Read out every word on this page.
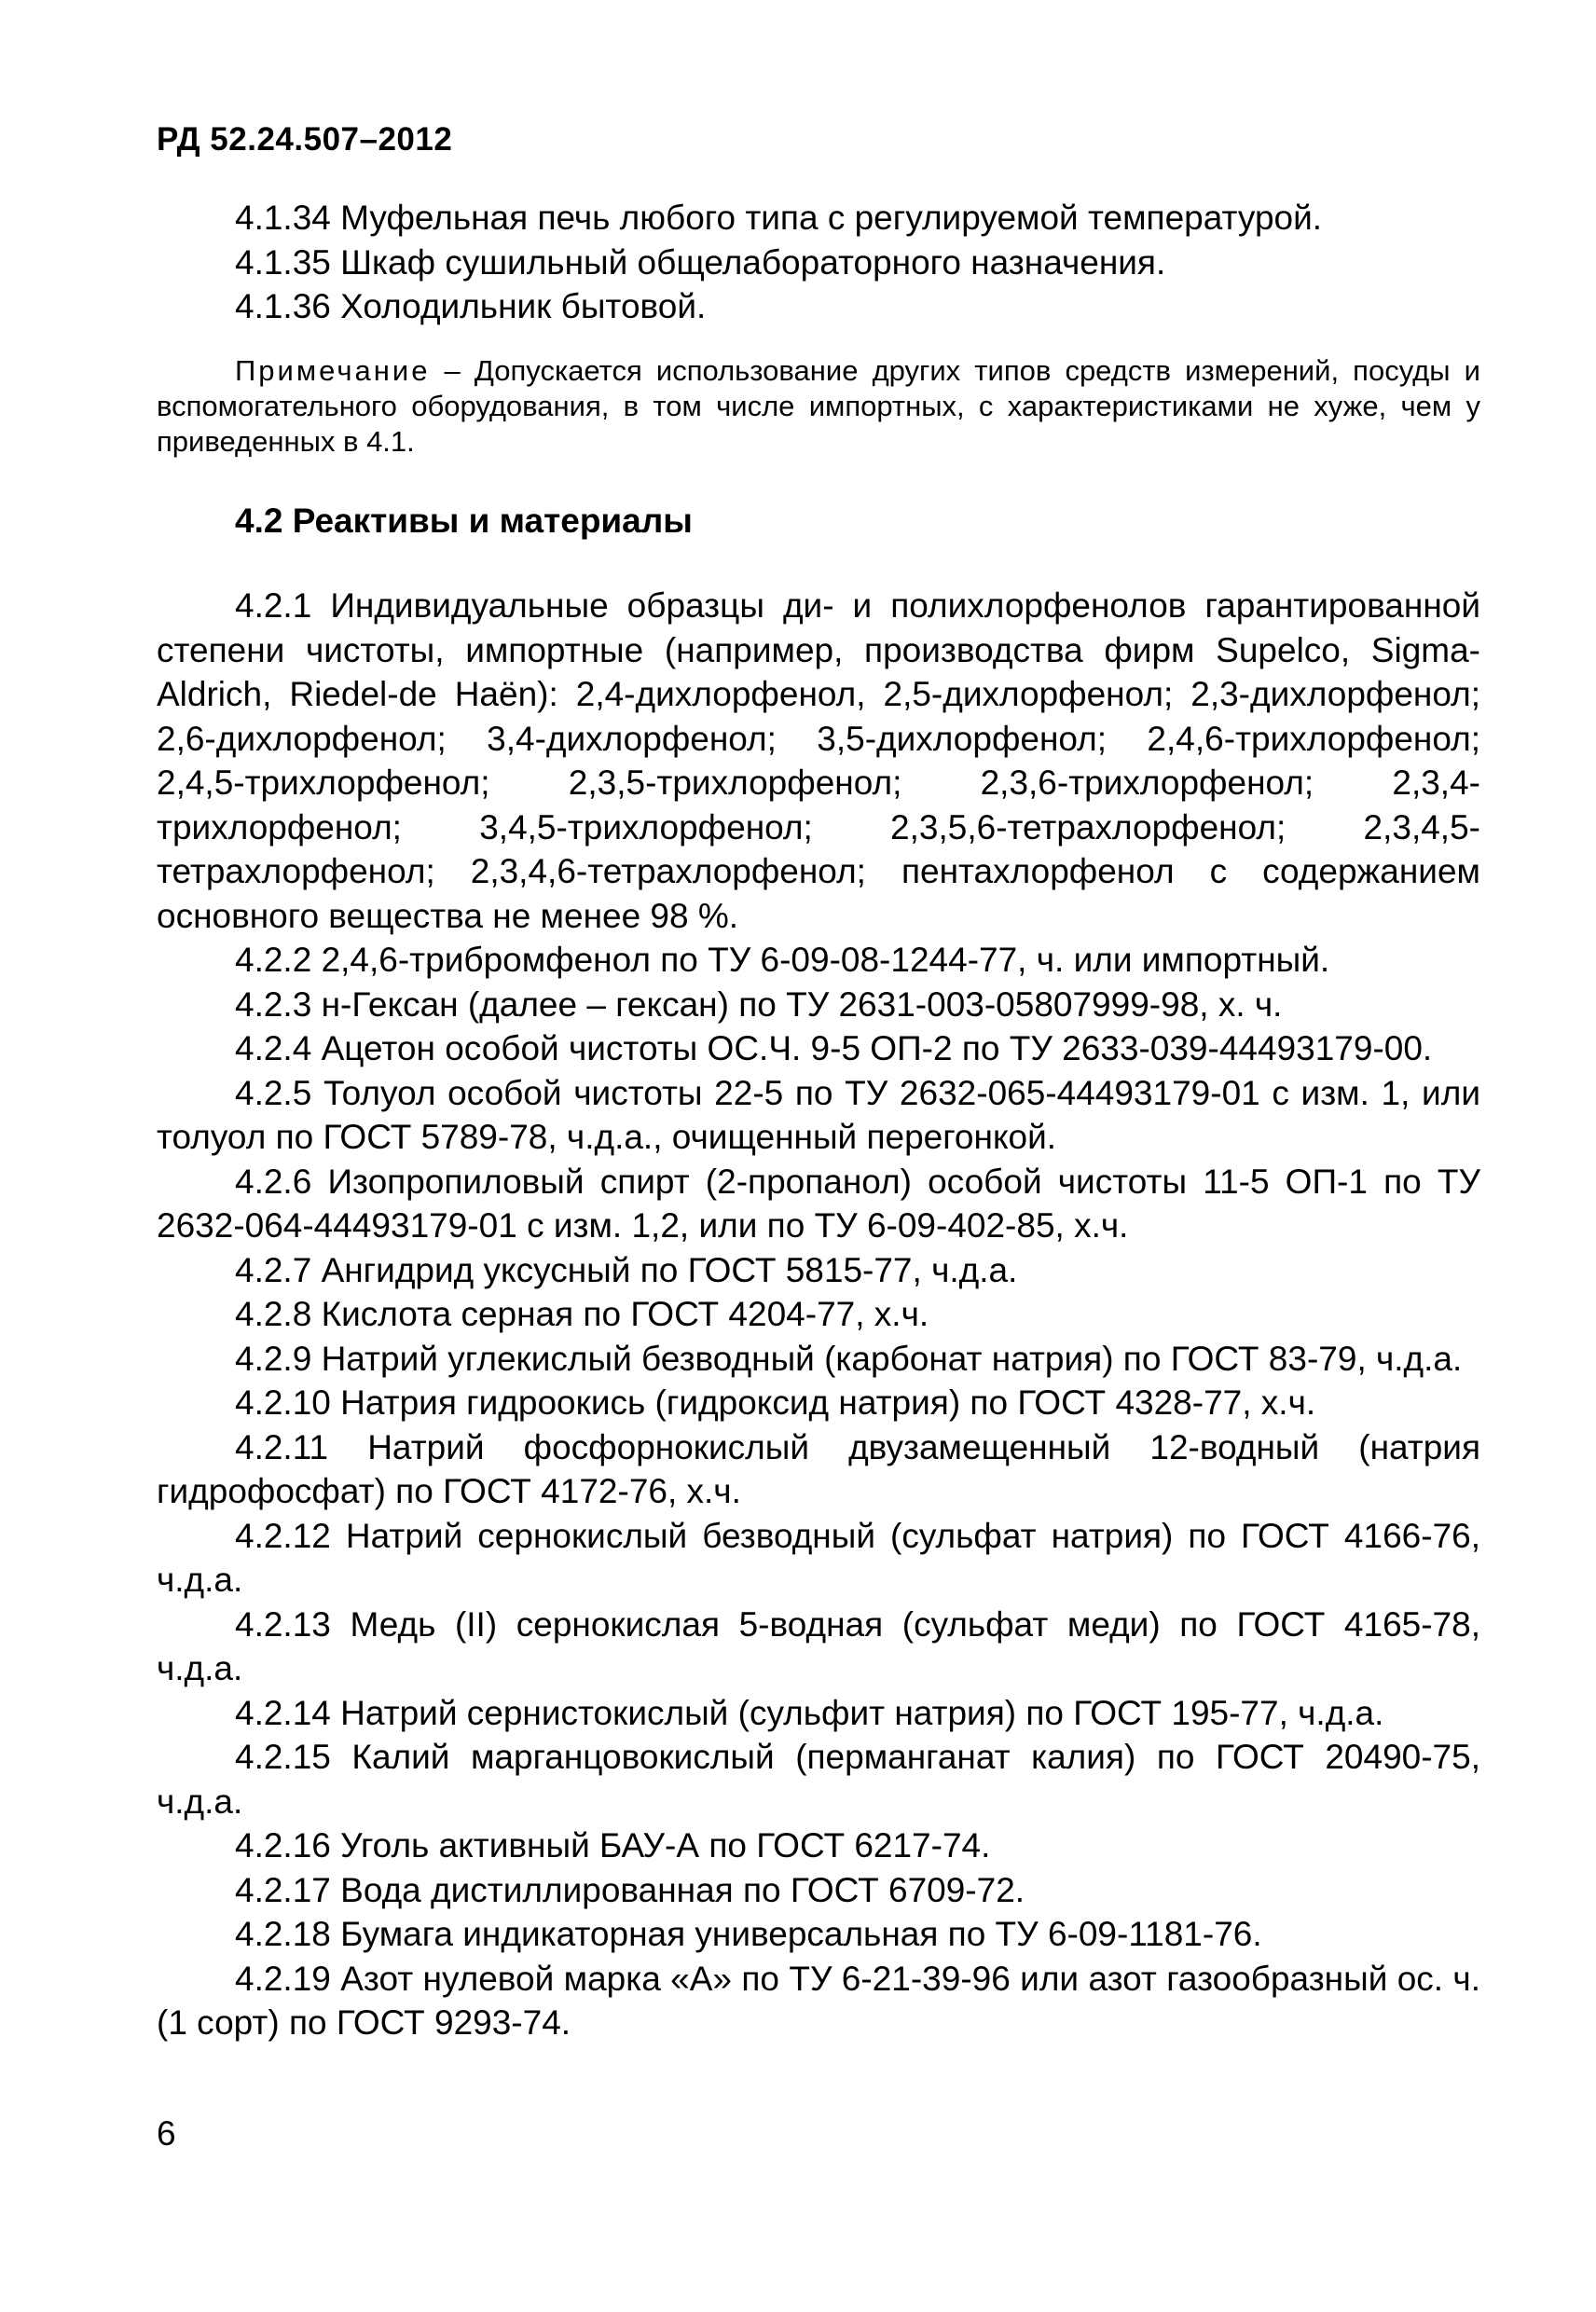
РД 52.24.507–2012

4.1.34 Муфельная печь любого типа с регулируемой температурой.

4.1.35 Шкаф сушильный общелабораторного назначения.

4.1.36 Холодильник бытовой.

Примечание – Допускается использование других типов средств измерений, посуды и вспомогательного оборудования, в том числе импортных, с характеристиками не хуже, чем у приведенных в 4.1.

4.2 Реактивы и материалы

4.2.1 Индивидуальные образцы ди- и полихлорфенолов гарантированной степени чистоты, импортные (например, производства фирм Supelco, Sigma-Aldrich, Riedel-de Haën): 2,4-дихлорфенол, 2,5-дихлорфенол; 2,3-дихлорфенол; 2,6-дихлорфенол; 3,4-дихлорфенол; 3,5-дихлорфенол; 2,4,6-трихлорфенол; 2,4,5-трихлорфенол; 2,3,5-трихлорфенол; 2,3,6-трихлорфенол; 2,3,4-трихлорфенол; 3,4,5-трихлорфенол; 2,3,5,6-тетрахлорфенол; 2,3,4,5-тетрахлорфенол; 2,3,4,6-тетрахлорфенол; пентахлорфенол с содержанием основного вещества не менее 98 %.

4.2.2 2,4,6-трибромфенол по ТУ 6-09-08-1244-77, ч. или импортный.

4.2.3 н-Гексан (далее – гексан) по ТУ 2631-003-05807999-98, х. ч.

4.2.4 Ацетон особой чистоты ОС.Ч. 9-5 ОП-2 по ТУ 2633-039-44493179-00.

4.2.5 Толуол особой чистоты 22-5 по ТУ 2632-065-44493179-01 с изм. 1, или толуол по ГОСТ 5789-78, ч.д.а., очищенный перегонкой.

4.2.6 Изопропиловый спирт (2-пропанол) особой чистоты 11-5 ОП-1 по ТУ 2632-064-44493179-01 с изм. 1,2, или по ТУ 6-09-402-85, х.ч.

4.2.7 Ангидрид уксусный по ГОСТ 5815-77, ч.д.а.

4.2.8 Кислота серная по ГОСТ 4204-77, х.ч.

4.2.9 Натрий углекислый безводный (карбонат натрия) по ГОСТ 83-79, ч.д.а.

4.2.10 Натрия гидроокись (гидроксид натрия) по ГОСТ 4328-77, х.ч.

4.2.11 Натрий фосфорнокислый двузамещенный 12-водный (натрия гидрофосфат) по ГОСТ 4172-76, х.ч.

4.2.12 Натрий сернокислый безводный (сульфат натрия) по ГОСТ 4166-76, ч.д.а.

4.2.13 Медь (II) сернокислая 5-водная (сульфат меди) по ГОСТ 4165-78, ч.д.а.

4.2.14 Натрий сернистокислый (сульфит натрия) по ГОСТ 195-77, ч.д.а.

4.2.15 Калий марганцовокислый (перманганат калия) по ГОСТ 20490-75, ч.д.а.

4.2.16 Уголь активный БАУ-А по ГОСТ 6217-74.

4.2.17 Вода дистиллированная по ГОСТ 6709-72.

4.2.18 Бумага индикаторная универсальная по ТУ 6-09-1181-76.

4.2.19 Азот нулевой марка «А» по ТУ 6-21-39-96 или азот газообразный ос. ч. (1 сорт) по ГОСТ 9293-74.

6
